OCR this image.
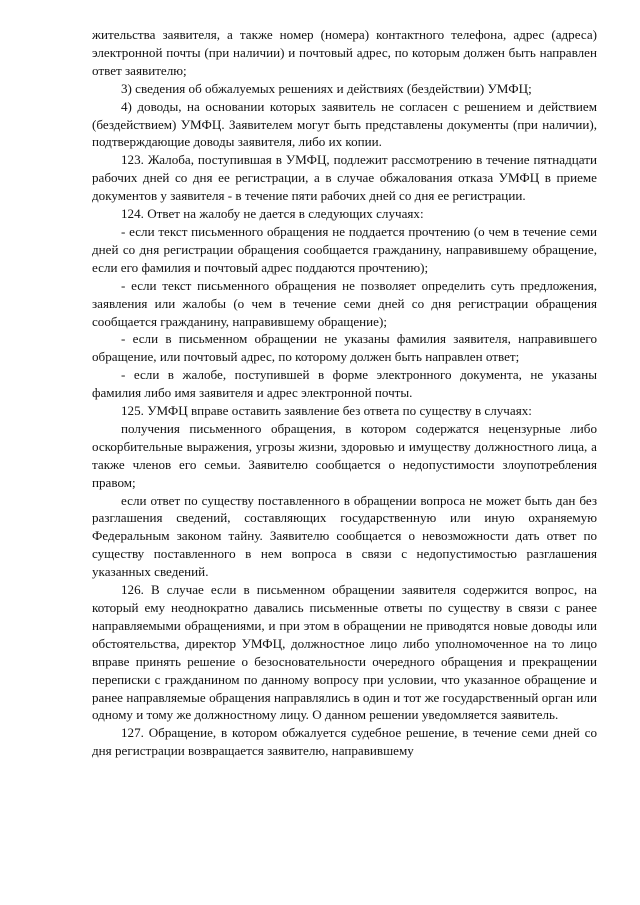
жительства заявителя, а также номер (номера) контактного телефона, адрес (адреса) электронной почты (при наличии) и почтовый адрес, по которым должен быть направлен ответ заявителю;

3) сведения об обжалуемых решениях и действиях (бездействии) УМФЦ;

4) доводы, на основании которых заявитель не согласен с решением и действием (бездействием) УМФЦ. Заявителем могут быть представлены документы (при наличии), подтверждающие доводы заявителя, либо их копии.

123. Жалоба, поступившая в УМФЦ, подлежит рассмотрению в течение пятнадцати рабочих дней со дня ее регистрации, а в случае обжалования отказа УМФЦ в приеме документов у заявителя - в течение пяти рабочих дней со дня ее регистрации.

124. Ответ на жалобу не дается в следующих случаях:

- если текст письменного обращения не поддается прочтению (о чем в течение семи дней со дня регистрации обращения сообщается гражданину, направившему обращение, если его фамилия и почтовый адрес поддаются прочтению);

- если текст письменного обращения не позволяет определить суть предложения, заявления или жалобы (о чем в течение семи дней со дня регистрации обращения сообщается гражданину, направившему обращение);

- если в письменном обращении не указаны фамилия заявителя, направившего обращение, или почтовый адрес, по которому должен быть направлен ответ;

- если в жалобе, поступившей в форме электронного документа, не указаны фамилия либо имя заявителя и адрес электронной почты.

125. УМФЦ вправе оставить заявление без ответа по существу в случаях:

получения письменного обращения, в котором содержатся нецензурные либо оскорбительные выражения, угрозы жизни, здоровью и имуществу должностного лица, а также членов его семьи. Заявителю сообщается о недопустимости злоупотребления правом;

если ответ по существу поставленного в обращении вопроса не может быть дан без разглашения сведений, составляющих государственную или иную охраняемую Федеральным законом тайну. Заявителю сообщается о невозможности дать ответ по существу поставленного в нем вопроса в связи с недопустимостью разглашения указанных сведений.

126. В случае если в письменном обращении заявителя содержится вопрос, на который ему неоднократно давались письменные ответы по существу в связи с ранее направляемыми обращениями, и при этом в обращении не приводятся новые доводы или обстоятельства, директор УМФЦ, должностное лицо либо уполномоченное на то лицо вправе принять решение о безосновательности очередного обращения и прекращении переписки с гражданином по данному вопросу при условии, что указанное обращение и ранее направляемые обращения направлялись в один и тот же государственный орган или одному и тому же должностному лицу. О данном решении уведомляется заявитель.

127. Обращение, в котором обжалуется судебное решение, в течение семи дней со дня регистрации возвращается заявителю, направившему
